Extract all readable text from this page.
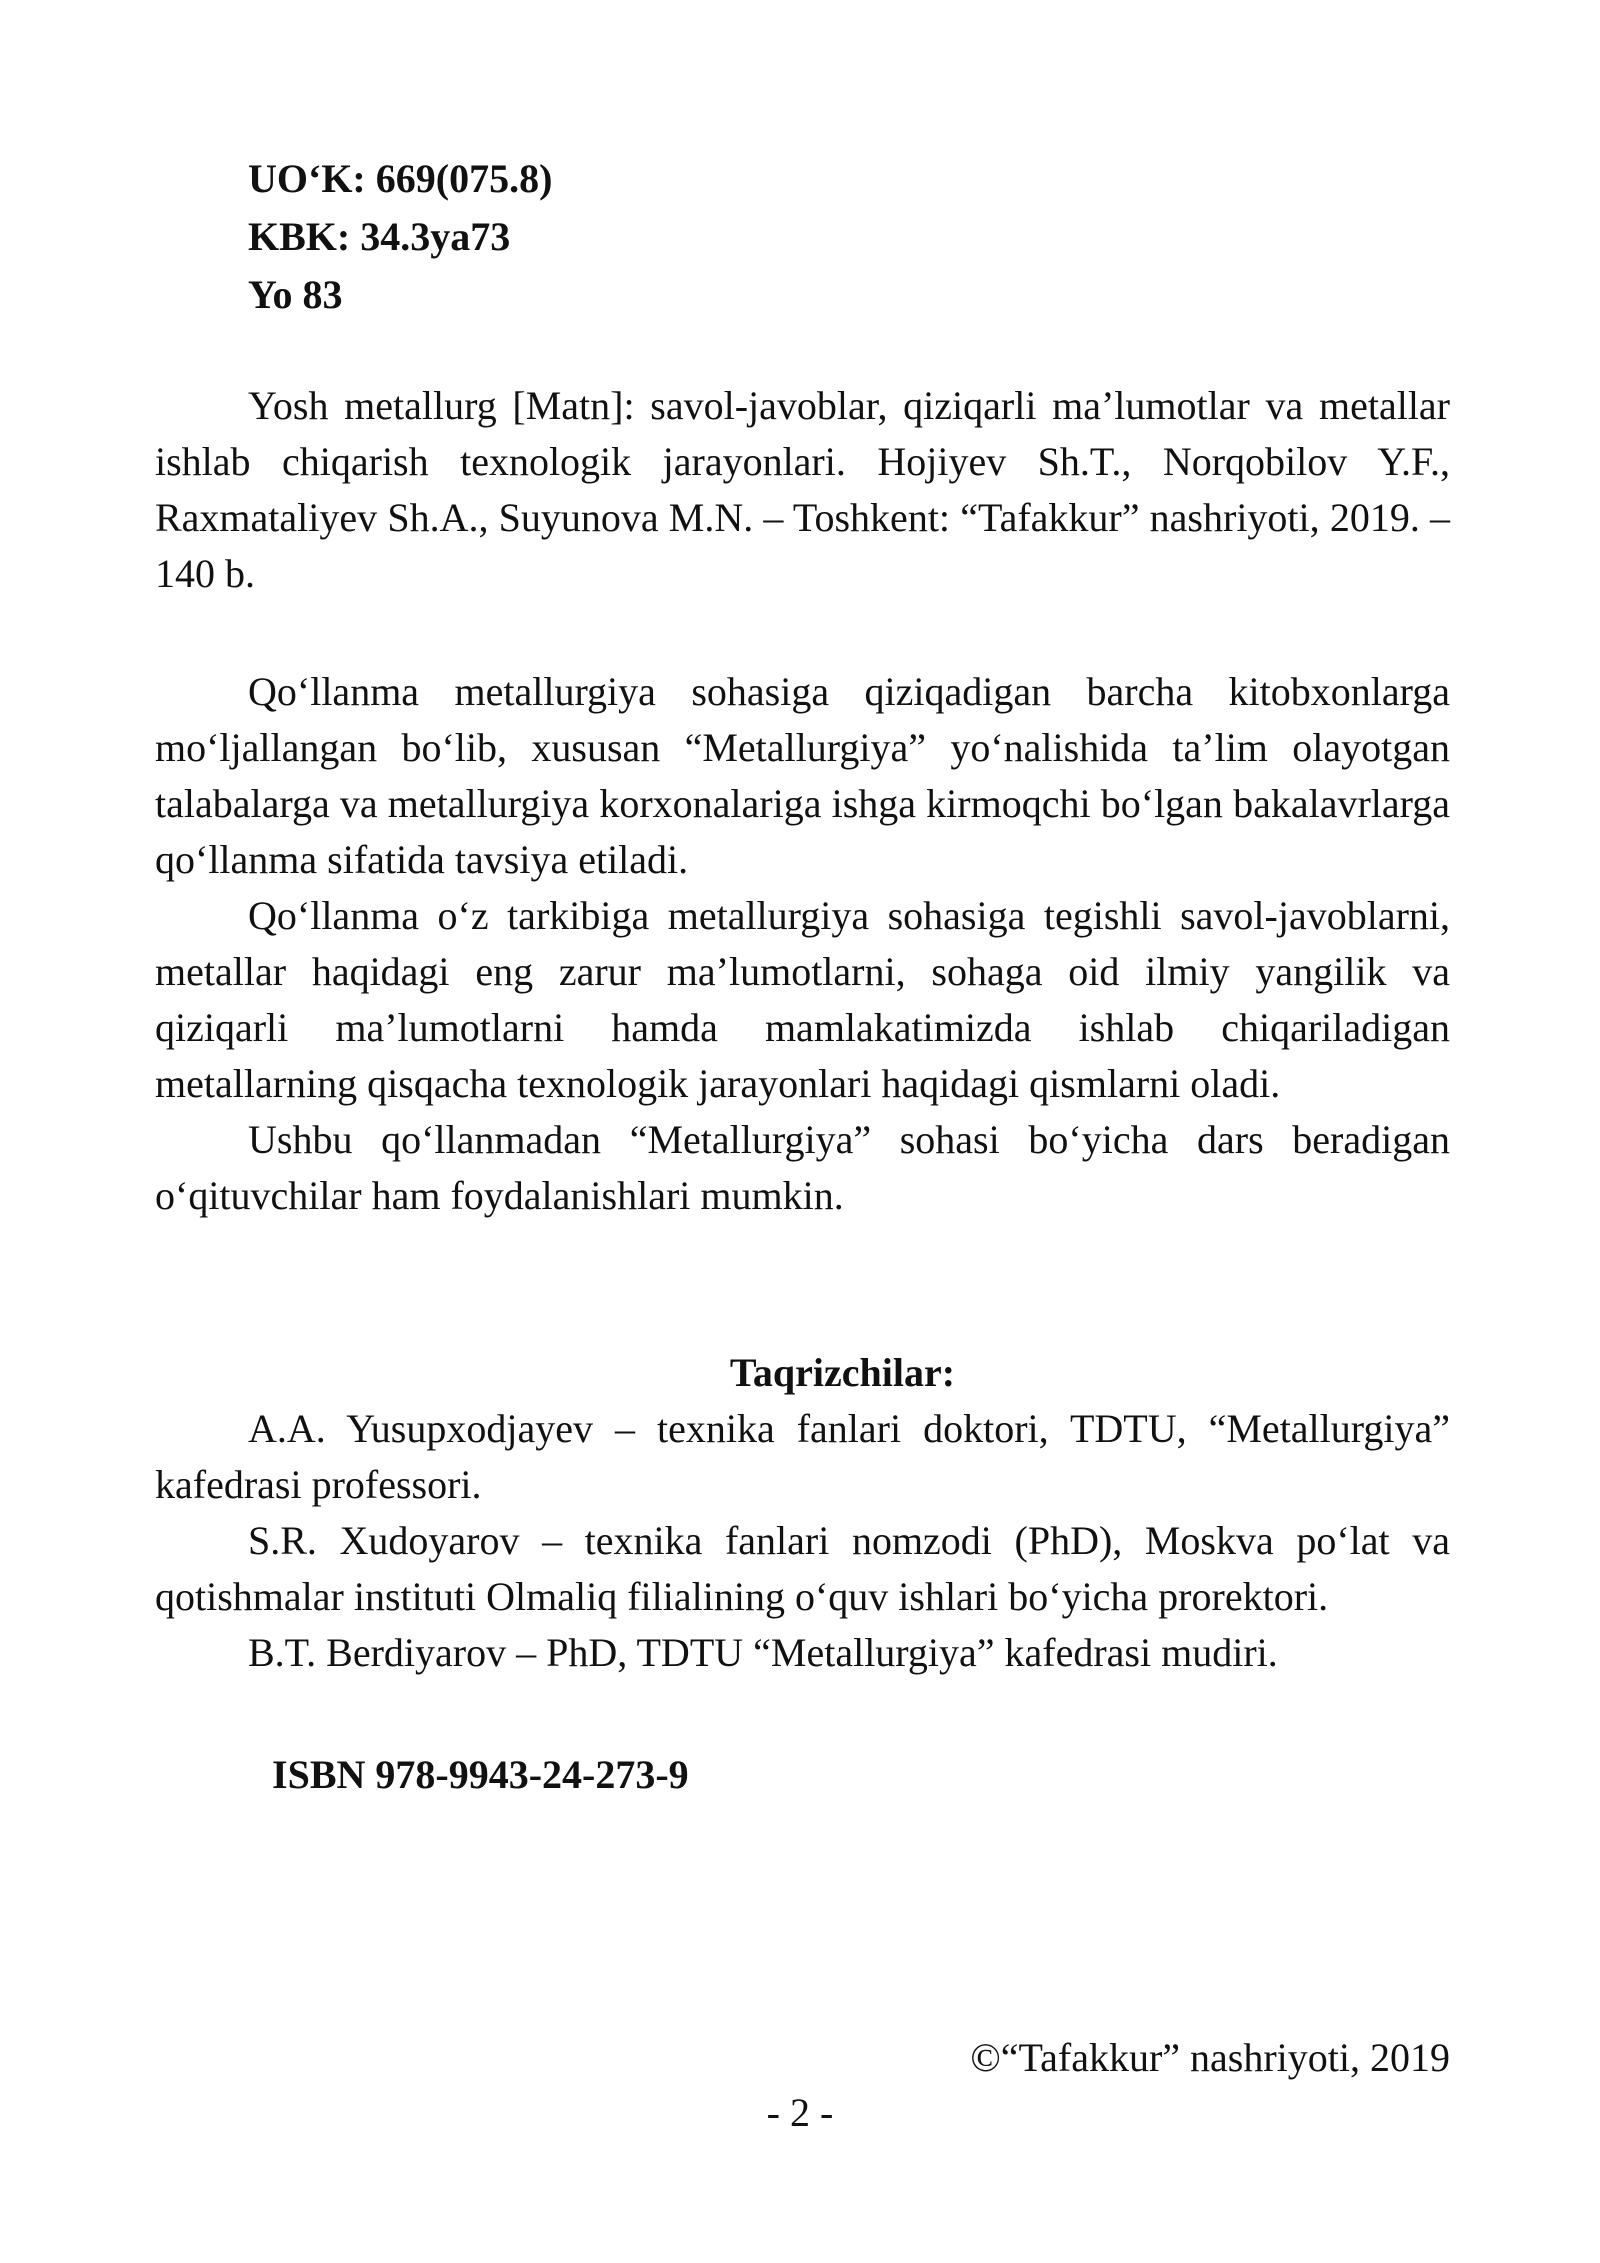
UO‘K: 669(075.8)
KBK: 34.3ya73
Yo 83

Yosh metallurg [Matn]: savol-javoblar, qiziqarli ma’lumotlar va metallar ishlab chiqarish texnologik jarayonlari. Hojiyev Sh.T., Norqobilov Y.F., Raxmataliyev Sh.A., Suyunova M.N. – Toshkent: “Tafakkur” nashriyoti, 2019. – 140 b.

Qo‘llanma metallurgiya sohasiga qiziqadigan barcha kitobxonlarga mo‘ljallangan bo‘lib, xususan “Metallurgiya” yo‘nalishida ta’lim olayotgan talabalarga va metallurgiya korxonalariga ishga kirmoqchi bo‘lgan bakalavrlarga qo‘llanma sifatida tavsiya etiladi.

Qo‘llanma o‘z tarkibiga metallurgiya sohasiga tegishli savol-javoblarni, metallar haqidagi eng zarur ma’lumotlarni, sohaga oid ilmiy yangilik va qiziqarli ma’lumotlarni hamda mamlakatimizda ishlab chiqariladigan metallarning qisqacha texnologik jarayonlari haqidagi qismlarni oladi.

Ushbu qo‘llanmadan “Metallurgiya” sohasi bo‘yicha dars beradigan o‘qituvchilar ham foydalanishlari mumkin.

Taqrizchilar:

A.A. Yusupxodjayev – texnika fanlari doktori, TDTU, “Metallurgiya” kafedrasi professori.

S.R. Xudoyarov – texnika fanlari nomzodi (PhD), Moskva po‘lat va qotishmalar instituti Olmaliq filialining o‘quv ishlari bo‘yicha prorektori.

B.T. Berdiyarov – PhD, TDTU “Metallurgiya” kafedrasi mudiri.

ISBN 978-9943-24-273-9
©“Tafakkur” nashriyoti, 2019
- 2 -
